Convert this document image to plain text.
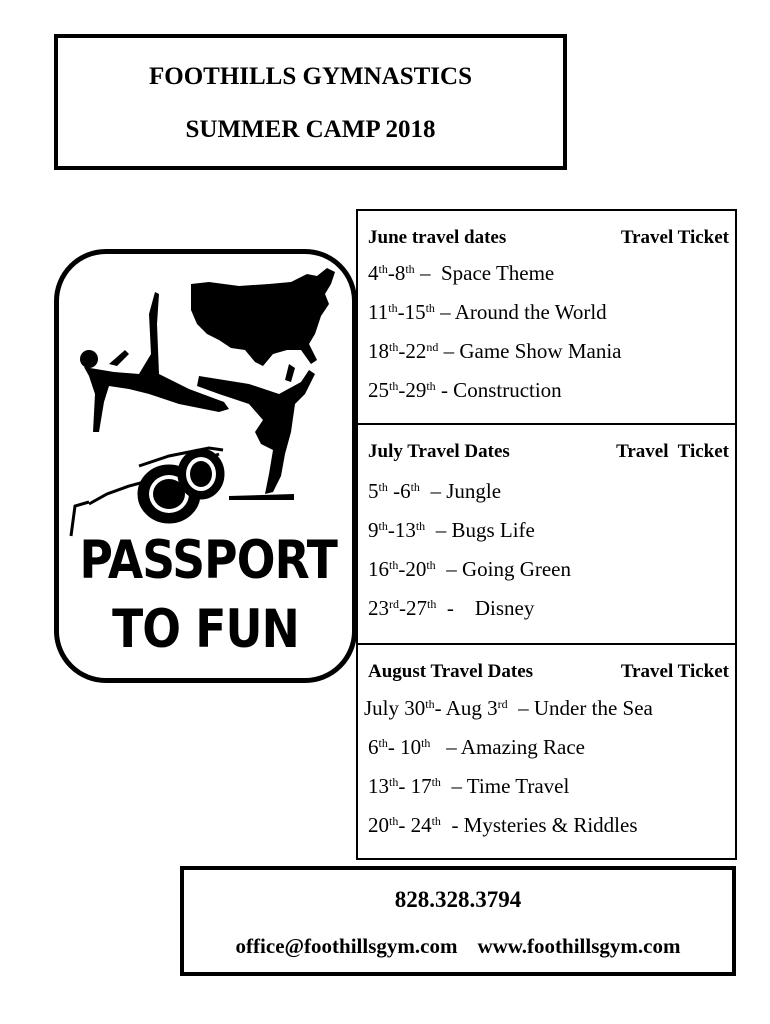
FOOTHILLS GYMNASTICS
SUMMER CAMP 2018
PASSPORT
TO FUN
June travel dates	Travel Ticket
4th-8th –  Space Theme
11th-15th – Around the World
18th-22nd – Game Show Mania
25th-29th - Construction
July Travel Dates	Travel  Ticket
5th -6th  – Jungle
9th-13th  – Bugs Life
16th-20th  – Going Green
23rd-27th  -    Disney
August Travel Dates	Travel Ticket
July 30th- Aug 3rd  – Under the Sea
6th- 10th   – Amazing Race
13th- 17th  – Time Travel
20th- 24th  - Mysteries & Riddles
828.328.3794
office@foothillsgym.com www.foothillsgym.com
